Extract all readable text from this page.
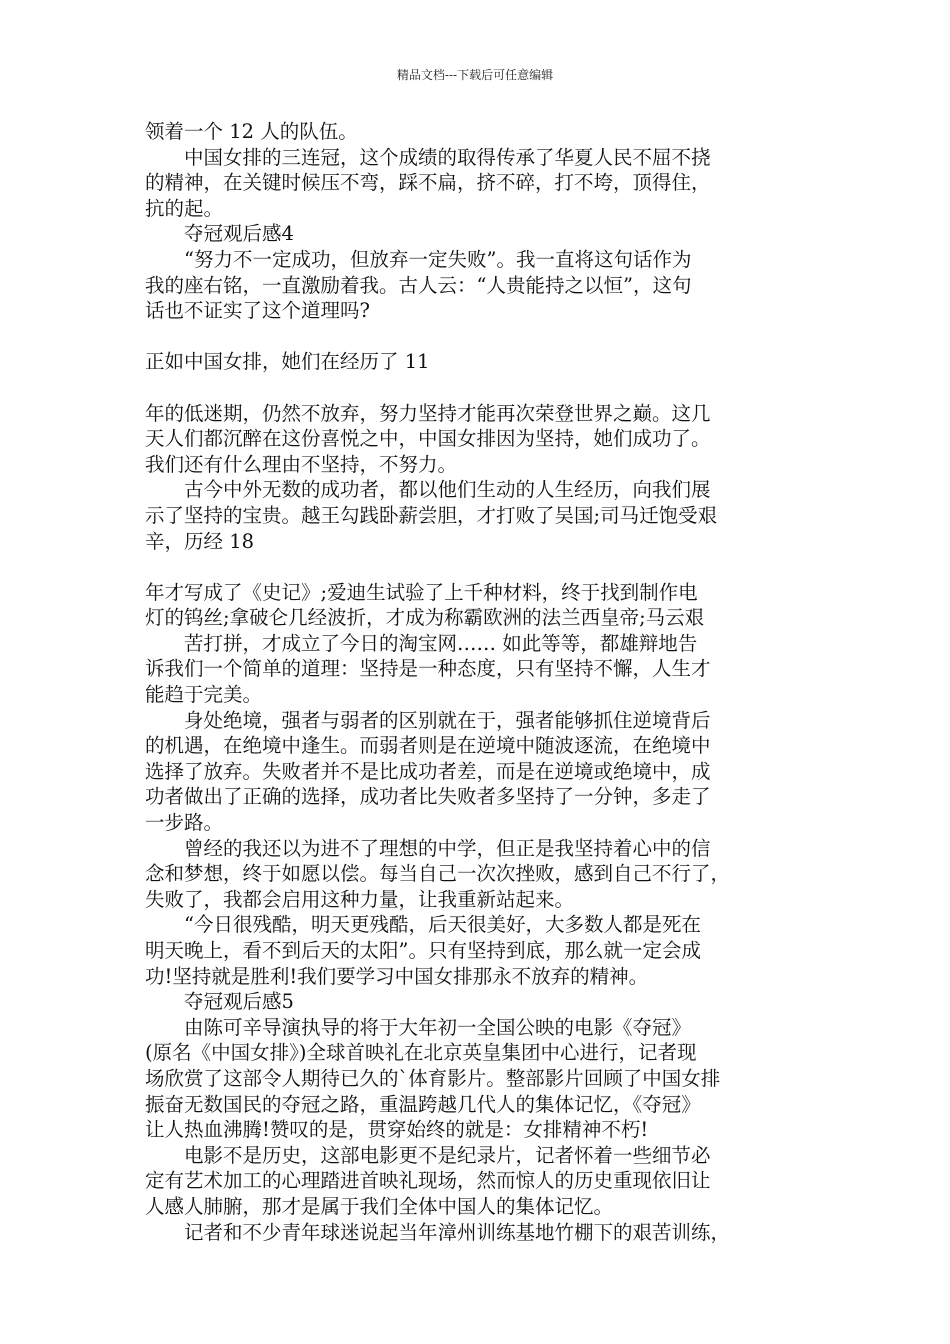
精品文档---下载后可任意编辑
领着一个 12 人的队伍。
　　中国女排的三连冠，这个成绩的取得传承了华夏人民不屈不挠
的精神，在关键时候压不弯，踩不扁，挤不碎，打不垮，顶得住，
抗的起。
　　夺冠观后感4
　　“努力不一定成功，但放弃一定失败”。我一直将这句话作为
我的座右铭，一直激励着我。古人云：“人贵能持之以恒”，这句
话也不证实了这个道理吗?
正如中国女排，她们在经历了 11
年的低迷期，仍然不放弃，努力坚持才能再次荣登世界之巅。这几
天人们都沉醉在这份喜悦之中，中国女排因为坚持，她们成功了。
我们还有什么理由不坚持，不努力。
　　古今中外无数的成功者，都以他们生动的人生经历，向我们展
示了坚持的宝贵。越王勾践卧薪尝胆，才打败了吴国;司马迁饱受艰
辛，历经 18
年才写成了《史记》;爱迪生试验了上千种材料，终于找到制作电
灯的钨丝;拿破仑几经波折，才成为称霸欧洲的法兰西皇帝;马云艰
　　苦打拼，才成立了今日的淘宝网…… 如此等等，都雄辩地告
诉我们一个简单的道理：坚持是一种态度，只有坚持不懈，人生才
能趋于完美。
　　身处绝境，强者与弱者的区别就在于，强者能够抓住逆境背后
的机遇，在绝境中逢生。而弱者则是在逆境中随波逐流，在绝境中
选择了放弃。失败者并不是比成功者差，而是在逆境或绝境中，成
功者做出了正确的选择，成功者比失败者多坚持了一分钟，多走了
一步路。
　　曾经的我还以为进不了理想的中学，但正是我坚持着心中的信
念和梦想，终于如愿以偿。每当自己一次次挫败，感到自己不行了，
失败了，我都会启用这种力量，让我重新站起来。
　　“今日很残酷，明天更残酷，后天很美好，大多数人都是死在
明天晚上，看不到后天的太阳”。只有坚持到底，那么就一定会成
功!坚持就是胜利!我们要学习中国女排那永不放弃的精神。
　　夺冠观后感5
　　由陈可辛导演执导的将于大年初一全国公映的电影《夺冠》
(原名《中国女排》)全球首映礼在北京英皇集团中心进行，记者现
场欣赏了这部令人期待已久的`体育影片。整部影片回顾了中国女排
振奋无数国民的夺冠之路，重温跨越几代人的集体记忆，《夺冠》
让人热血沸腾!赞叹的是，贯穿始终的就是：女排精神不朽!
　　电影不是历史，这部电影更不是纪录片，记者怀着一些细节必
定有艺术加工的心理踏进首映礼现场，然而惊人的历史重现依旧让
人感人肺腑，那才是属于我们全体中国人的集体记忆。
　　记者和不少青年球迷说起当年漳州训练基地竹棚下的艰苦训练，
